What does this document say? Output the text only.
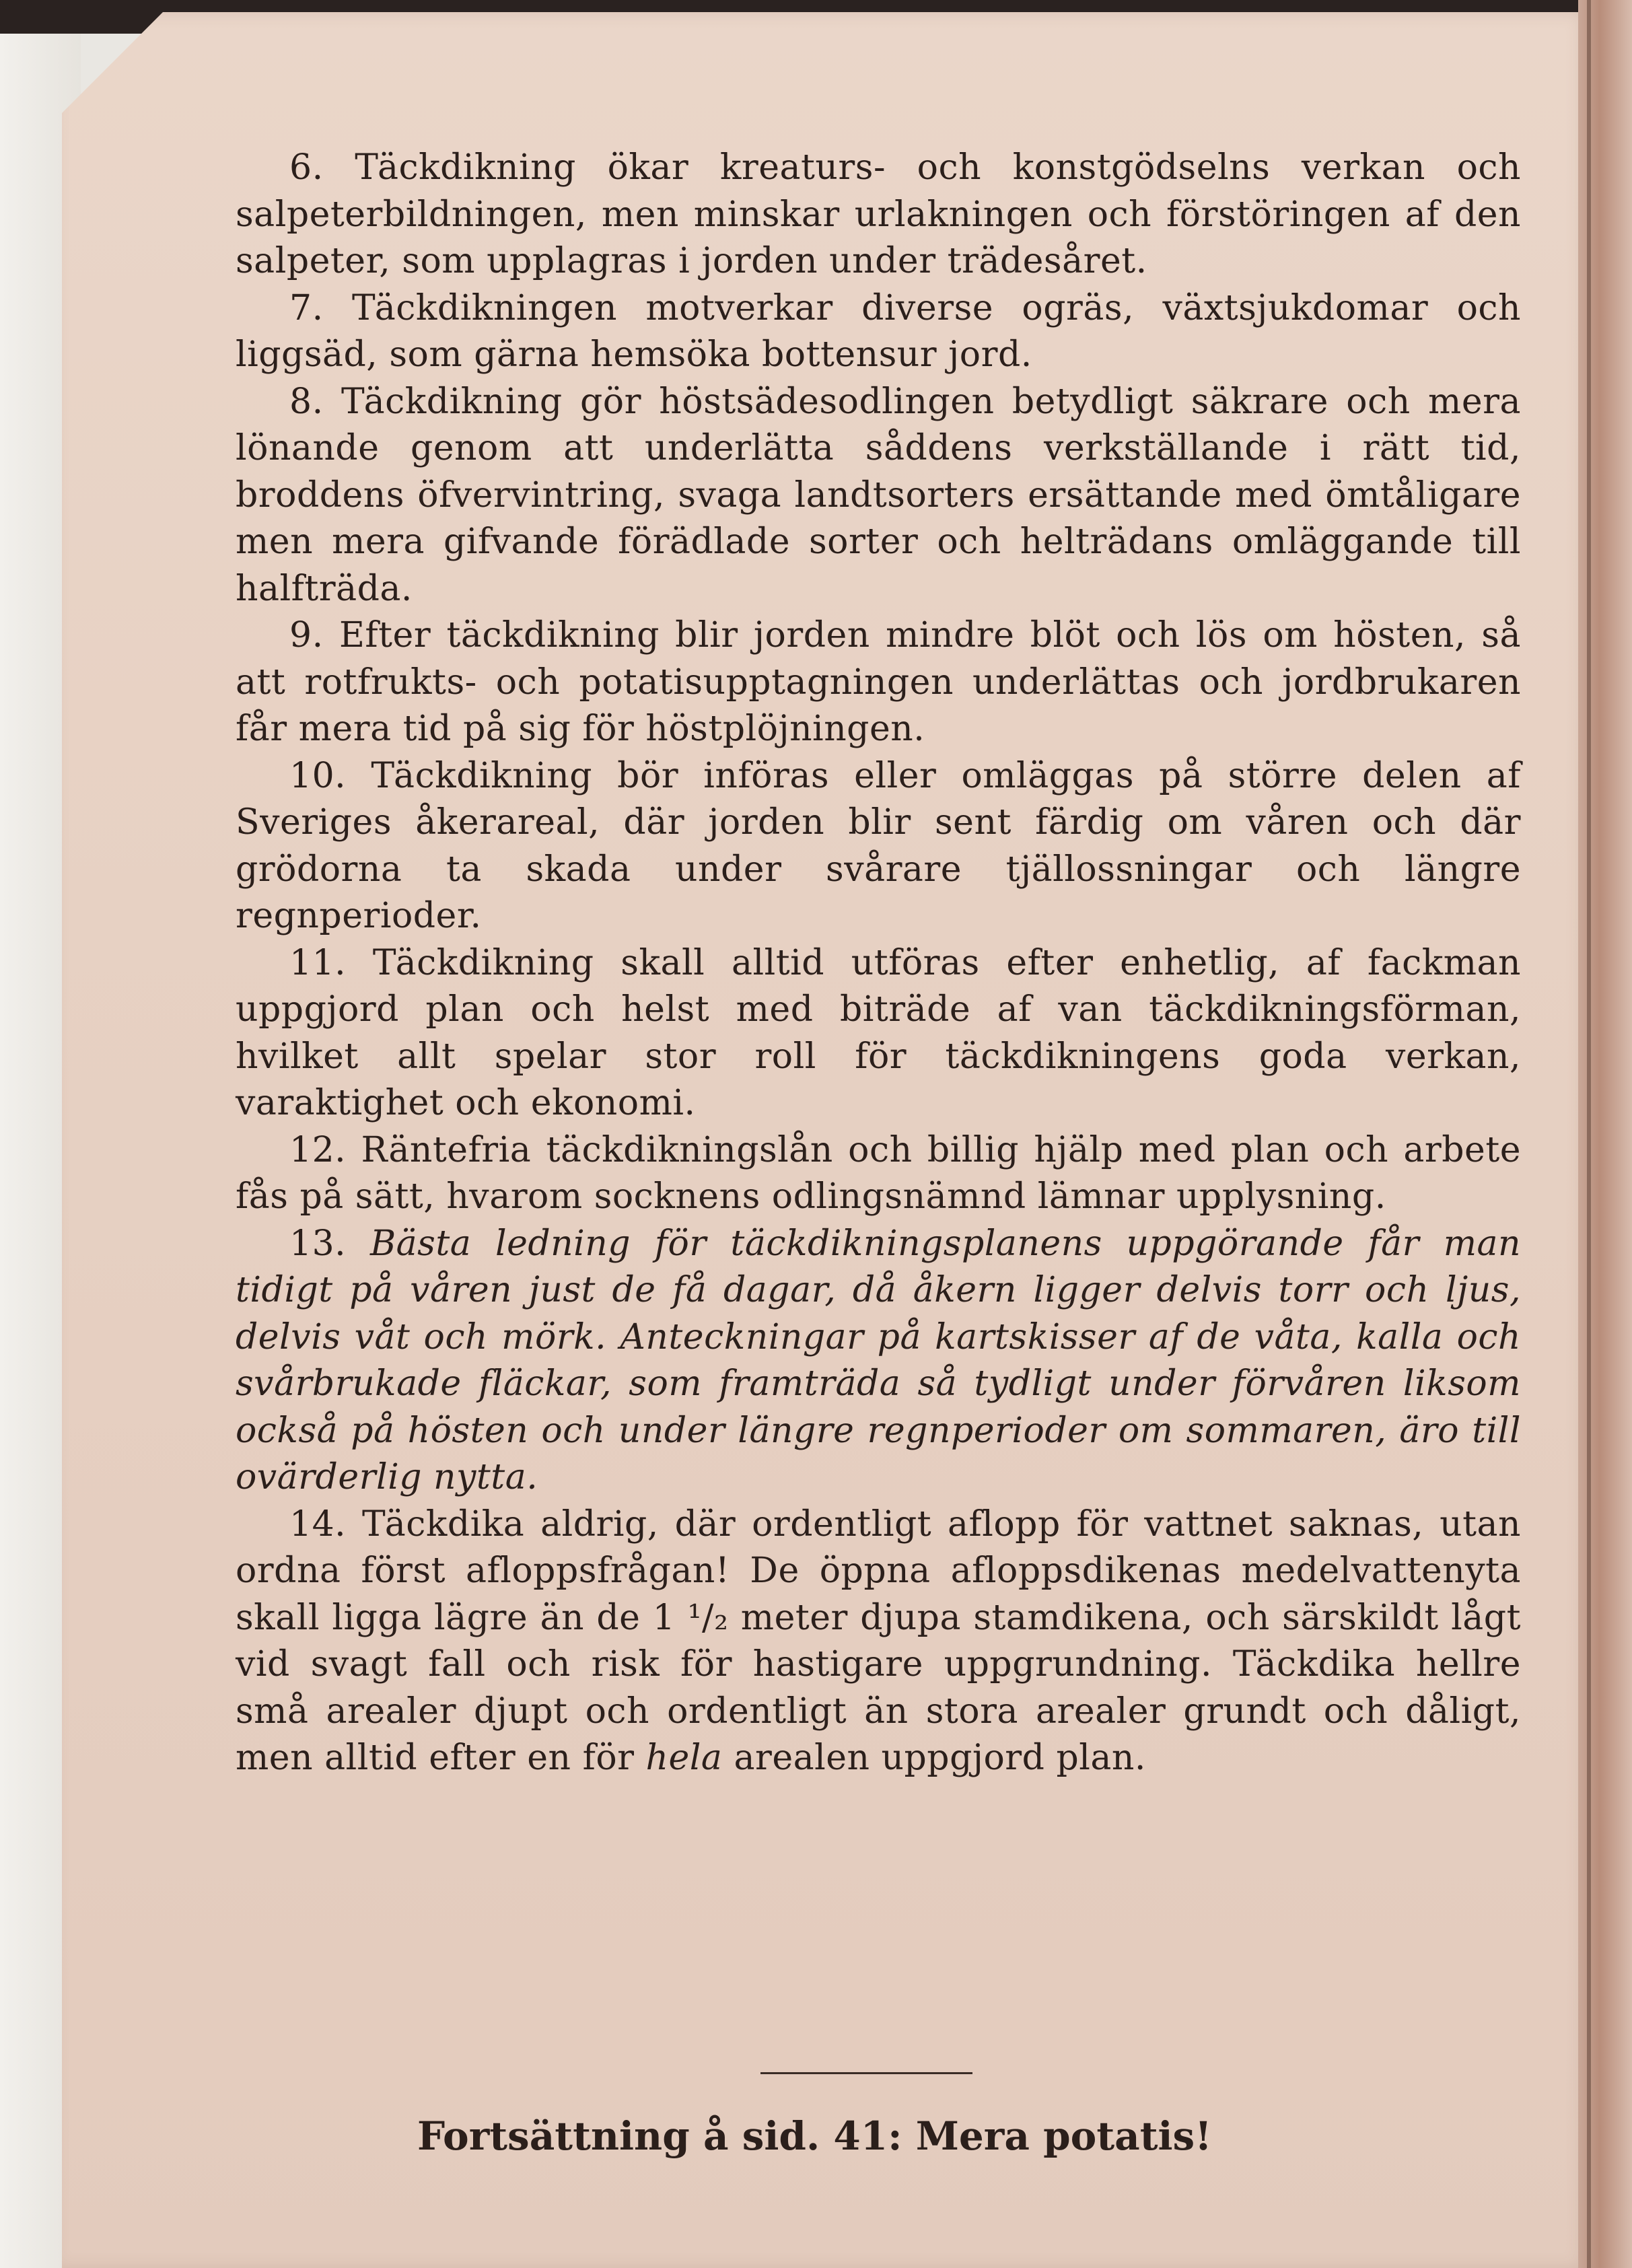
6. Täckdikning ökar kreaturs- och konstgödselns verkan och salpeterbildningen, men minskar urlakningen och förstöringen af den salpeter, som upplagras i jorden under trädesåret.

7. Täckdikningen motverkar diverse ogräs, växtsjukdomar och liggsäd, som gärna hemsöka bottensur jord.

8. Täckdikning gör höstsädesodlingen betydligt säkrare och mera lönande genom att underlätta såddens verkställande i rätt tid, broddens öfvervintring, svaga landtsorters ersättande med ömtåligare men mera gifvande förädlade sorter och helträdans omläggande till halfträda.

9. Efter täckdikning blir jorden mindre blöt och lös om hösten, så att rotfrukts- och potatisupptagningen underlättas och jordbrukaren får mera tid på sig för höstplöjningen.

10. Täckdikning bör införas eller omläggas på större delen af Sveriges åkerareal, där jorden blir sent färdig om våren och där grödorna ta skada under svårare tjällossningar och längre regnperioder.

11. Täckdikning skall alltid utföras efter enhetlig, af fackman uppgjord plan och helst med biträde af van täckdikningsförman, hvilket allt spelar stor roll för täckdikningens goda verkan, varaktighet och ekonomi.

12. Räntefria täckdikningslån och billig hjälp med plan och arbete fås på sätt, hvarom socknens odlingsnämnd lämnar upplysning.

13. Bästa ledning för täckdikningsplanens uppgörande får man tidigt på våren just de få dagar, då åkern ligger delvis torr och ljus, delvis våt och mörk. Anteckningar på kartskisser af de våta, kalla och svårbrukade fläckar, som framträda så tydligt under förvåren liksom också på hösten och under längre regnperioder om sommaren, äro till ovärderlig nytta.

14. Täckdika aldrig, där ordentligt aflopp för vattnet saknas, utan ordna först afloppsfrågan! De öppna afloppsdikenas medelvattenyta skall ligga lägre än de 1 ¹/₂ meter djupa stamdikena, och särskildt lågt vid svagt fall och risk för hastigare uppgrundning. Täckdika hellre små arealer djupt och ordentligt än stora arealer grundt och dåligt, men alltid efter en för hela arealen uppgjord plan.

Fortsättning å sid. 41: Mera potatis!
